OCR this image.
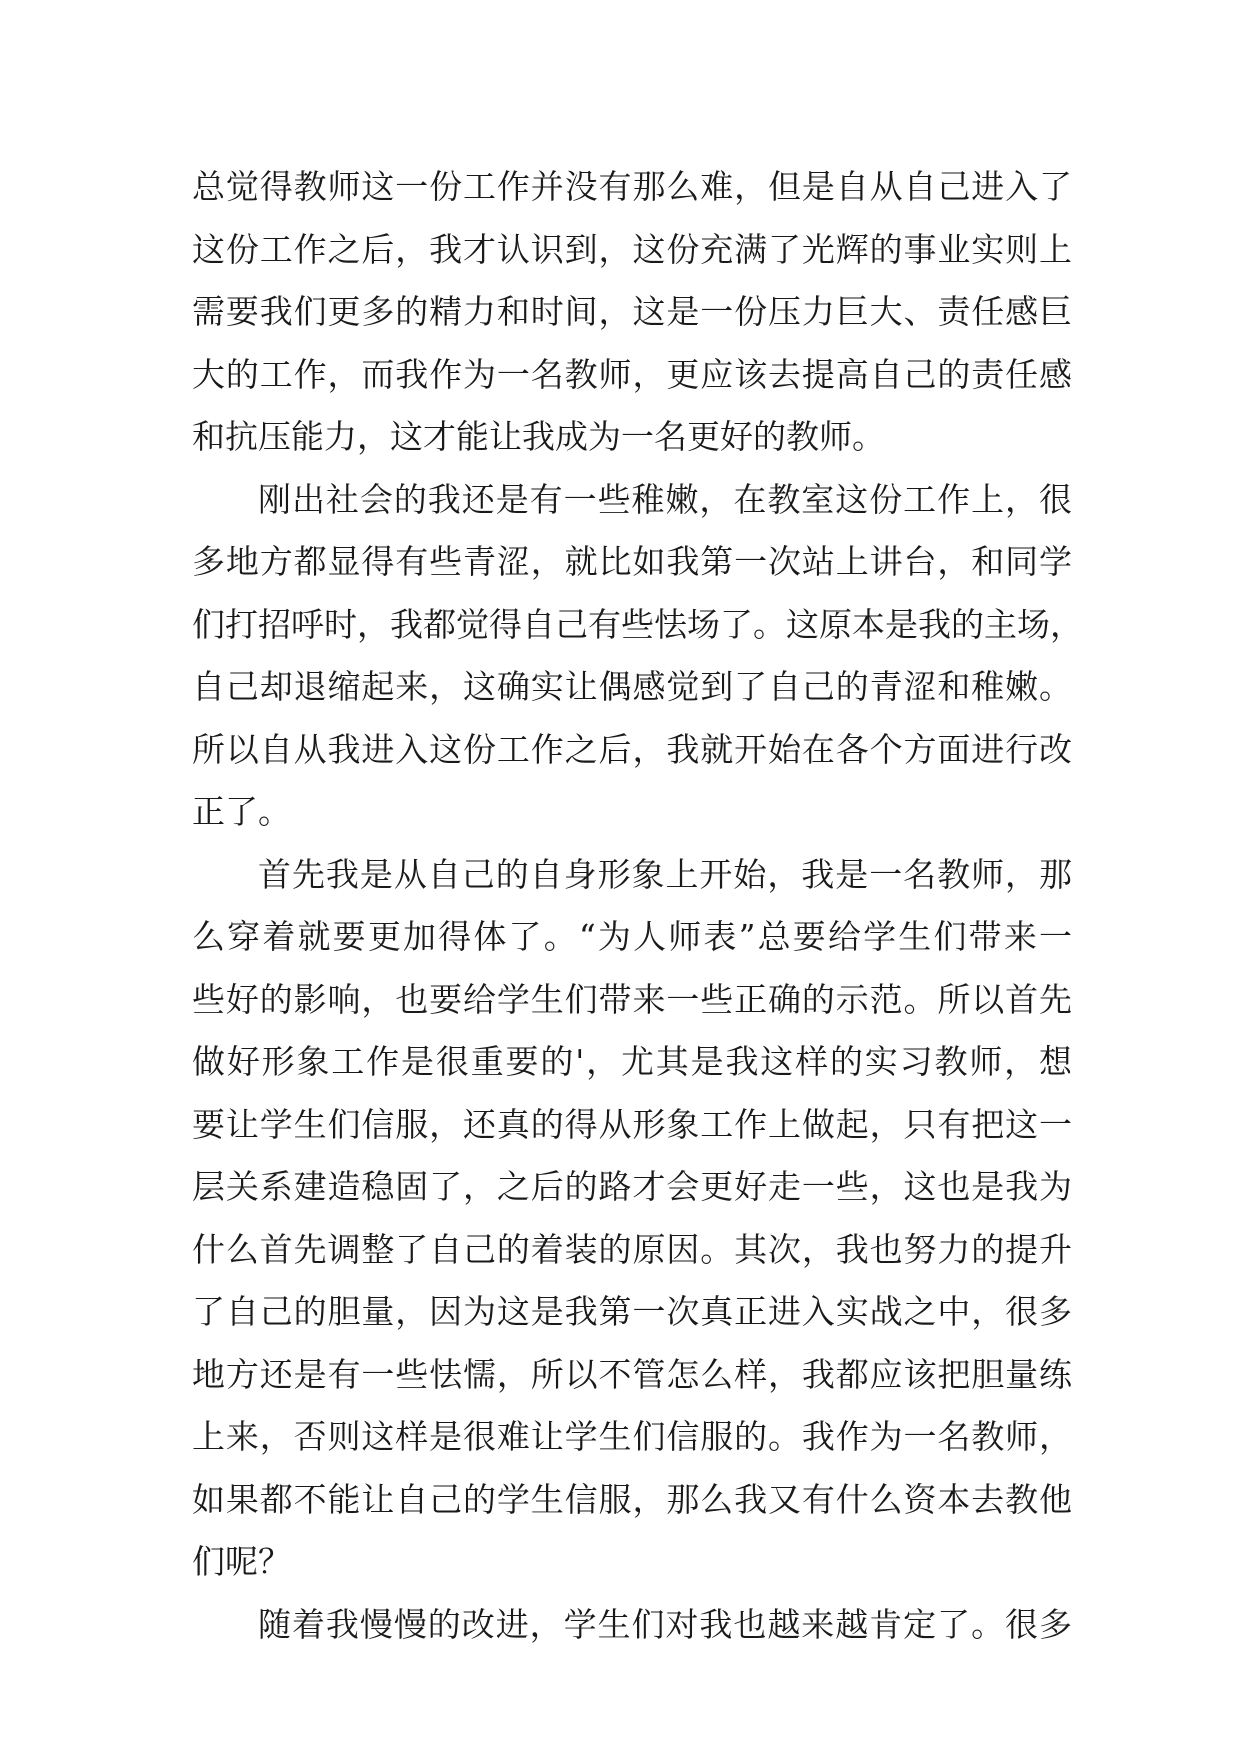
总觉得教师这一份工作并没有那么难，但是自从自己进入了
这份工作之后，我才认识到，这份充满了光辉的事业实则上
需要我们更多的精力和时间，这是一份压力巨大、责任感巨
大的工作，而我作为一名教师，更应该去提高自己的责任感
和抗压能力，这才能让我成为一名更好的教师。
刚出社会的我还是有一些稚嫩，在教室这份工作上，很
多地方都显得有些青涩，就比如我第一次站上讲台，和同学
们打招呼时，我都觉得自己有些怯场了。这原本是我的主场，
自己却退缩起来，这确实让偶感觉到了自己的青涩和稚嫩。
所以自从我进入这份工作之后，我就开始在各个方面进行改
正了。
首先我是从自己的自身形象上开始，我是一名教师，那
么穿着就要更加得体了。“为人师表”总要给学生们带来一
些好的影响，也要给学生们带来一些正确的示范。所以首先
做好形象工作是很重要的'，尤其是我这样的实习教师，想
要让学生们信服，还真的得从形象工作上做起，只有把这一
层关系建造稳固了，之后的路才会更好走一些，这也是我为
什么首先调整了自己的着装的原因。其次，我也努力的提升
了自己的胆量，因为这是我第一次真正进入实战之中，很多
地方还是有一些怯懦，所以不管怎么样，我都应该把胆量练
上来，否则这样是很难让学生们信服的。我作为一名教师，
如果都不能让自己的学生信服，那么我又有什么资本去教他
们呢？
随着我慢慢的改进，学生们对我也越来越肯定了。很多
